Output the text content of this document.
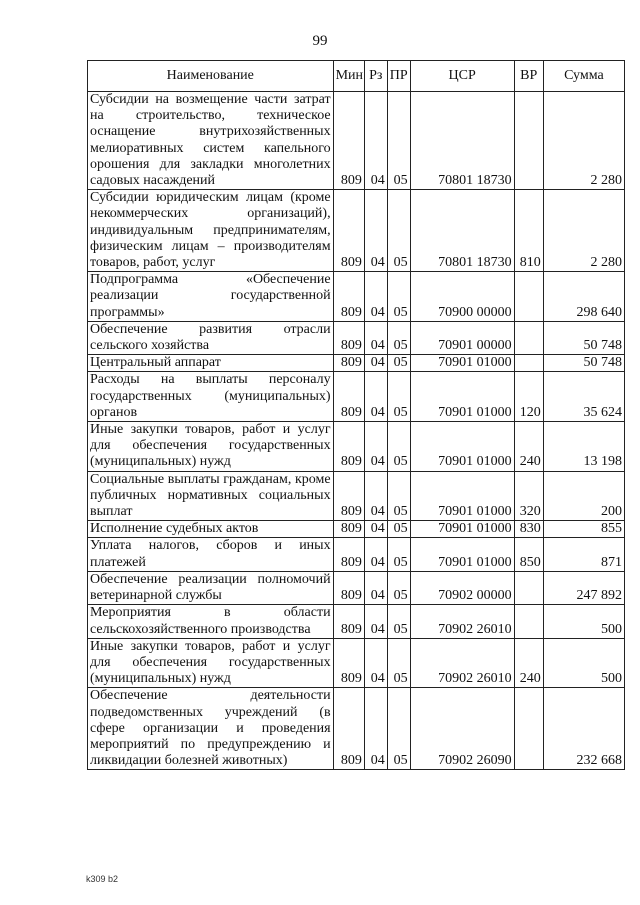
99
Наименование	Мин	Рз	ПР	ЦСР	ВР	Сумма
Субсидии на возмещение части затрат на строительство, техническое оснащение внутрихозяйственных мелиоративных систем капельного орошения для закладки многолетних садовых насаждений	809	04	05	70801 18730		2 280
Субсидии юридическим лицам (кроме некоммерческих организаций), индивидуальным предпринимателям, физическим лицам – производителям товаров, работ, услуг	809	04	05	70801 18730	810	2 280
Подпрограмма «Обеспечение реализации государственной программы»	809	04	05	70900 00000		298 640
Обеспечение развития отрасли сельского хозяйства	809	04	05	70901 00000		50 748
Центральный аппарат	809	04	05	70901 01000		50 748
Расходы на выплаты персоналу государственных (муниципальных) органов	809	04	05	70901 01000	120	35 624
Иные закупки товаров, работ и услуг для обеспечения государственных (муниципальных) нужд	809	04	05	70901 01000	240	13 198
Социальные выплаты гражданам, кроме публичных нормативных социальных выплат	809	04	05	70901 01000	320	200
Исполнение судебных актов	809	04	05	70901 01000	830	855
Уплата налогов, сборов и иных платежей	809	04	05	70901 01000	850	871
Обеспечение реализации полномочий ветеринарной службы	809	04	05	70902 00000		247 892
Мероприятия в области сельскохозяйственного производства	809	04	05	70902 26010		500
Иные закупки товаров, работ и услуг для обеспечения государственных (муниципальных) нужд	809	04	05	70902 26010	240	500
Обеспечение деятельности подведомственных учреждений (в сфере организации и проведения мероприятий по предупреждению и ликвидации болезней животных)	809	04	05	70902 26090		232 668
k309 b2
